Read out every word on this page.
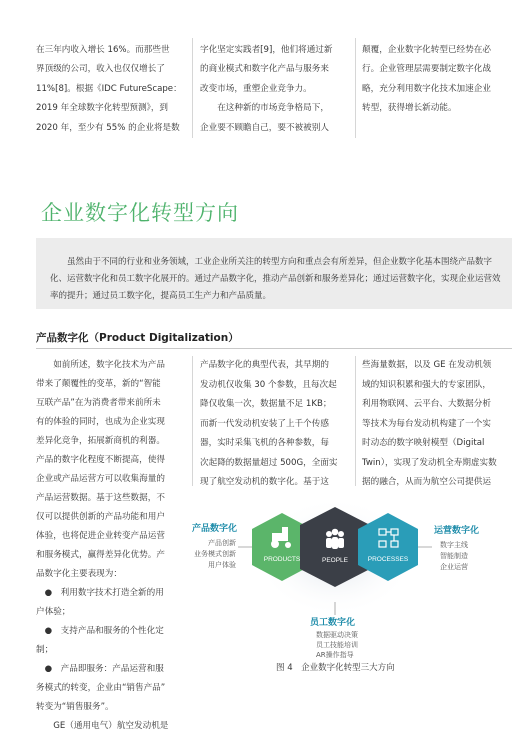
在三年内收入增长 16%。而那些世

界顶级的公司，收入也仅仅增长了

11%[8]。根据《IDC FutureScape：

2019 年全球数字化转型预测》，到

2020 年，至少有 55% 的企业将是数

字化坚定实践者[9]，他们将通过新

的商业模式和数字化产品与服务来

改变市场，重塑企业竞争力。

在这种新的市场竞争格局下，

企业要不顾瞻自己，要不被被别人

颠覆，企业数字化转型已经势在必

行。企业管理层需要制定数字化战

略，充分利用数字化技术加速企业

转型，获得增长新动能。

企业数字化转型方向
虽然由于不同的行业和业务领域，工业企业所关注的转型方向和重点会有所差异，但企业数字化基本围绕产品数字化、运营数字化和员工数字化展开的。通过产品数字化，推动产品创新和服务差异化；通过运营数字化，实现企业运营效率的提升；通过员工数字化，提高员工生产力和产品质量。
产品数字化（Product Digitalization）

如前所述，数字化技术为产品

带来了颠覆性的变革，新的“智能

互联产品”在为消费者带来前所未

有的体验的同时，也成为企业实现

差异化竞争，拓展新商机的利器。

产品的数字化程度不断提高，使得

企业或产品运营方可以收集海量的

产品运营数据。基于这些数据，不

仅可以提供创新的产品功能和用户

体验，也将促进企业转变产品运营

和服务模式，赢得差异化优势。产

品数字化主要表现为：

●　利用数字技术打造全新的用

户体验；

●　支持产品和服务的个性化定

制；

●　产品即服务：产品运营和服

务模式的转变，企业由“销售产品”

转变为“销售服务”。

GE（通用电气）航空发动机是

产品数字化的典型代表，其早期的

发动机仅收集 30 个参数，且每次起

降仅收集一次，数据量不足 1KB；

而新一代发动机安装了上千个传感

器，实时采集飞机的各种参数，每

次起降的数据量超过 500G，全面实

现了航空发动机的数字化。基于这

些海量数据，以及 GE 在发动机领

域的知识积累和强大的专家团队，

利用物联网、云平台、大数据分析

等技术为每台发动机构建了一个实

时动态的数字映射模型（Digital

Twin），实现了发动机全寿期虚实数

据的融合，从而为航空公司提供运

PRODUCTS	PEOPLE	PROCESSES
产品数字化
产品创新
业务模式创新
用户体验
运营数字化
数字主线
智能制造
企业运营
员工数字化
数据驱动决策
员工技能培训
AR操作指导

图 4　企业数字化转型三大方向
